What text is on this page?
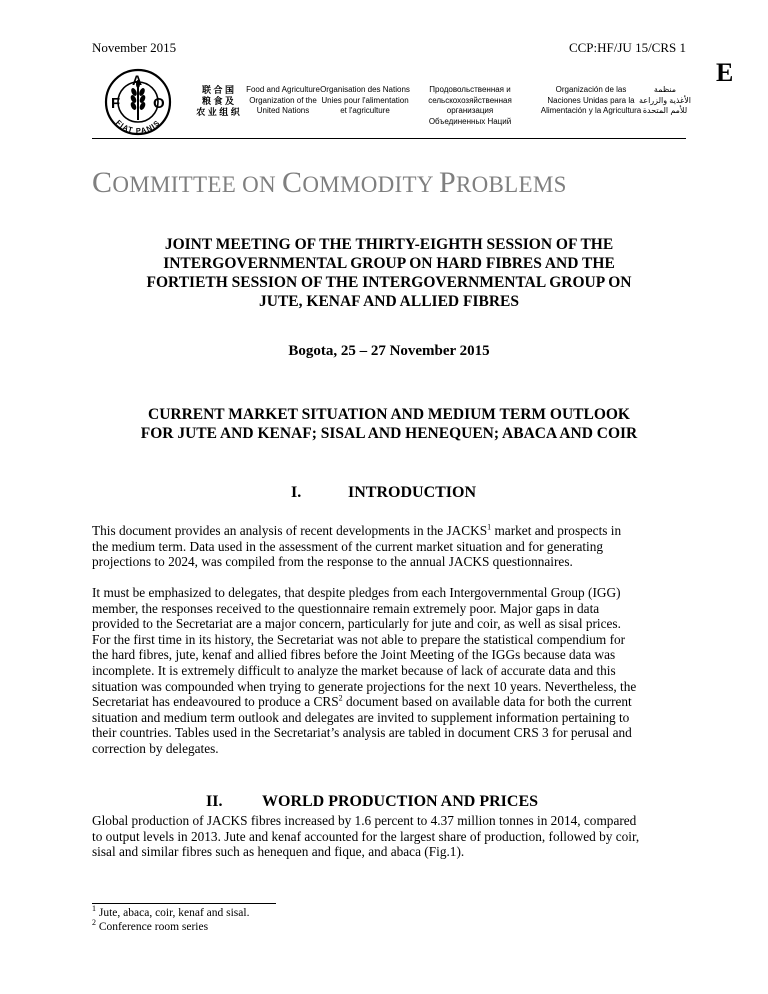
November 2015	CCP:HF/JU 15/CRS 1
E
F
A
O
FIAT PANIS
联 合 国
粮 食 及
农 业 组 织
Food and Agriculture
Organization of the
United Nations
Organisation des Nations
Unies pour l'alimentation
et l'agriculture
Продовольственная и
сельскохозяйственная организация
Объединенных Наций
Organización de las
Naciones Unidas para la
Alimentación y la Agricultura
منظمة
الأغذية والزراعة
للأمم المتحدة
COMMITTEE ON COMMODITY PROBLEMS
JOINT MEETING OF THE THIRTY-EIGHTH SESSION OF THE
INTERGOVERNMENTAL GROUP ON HARD FIBRES AND THE
FORTIETH SESSION OF THE INTERGOVERNMENTAL GROUP ON
JUTE, KENAF AND ALLIED FIBRES
Bogota, 25 – 27 November 2015
CURRENT MARKET SITUATION AND MEDIUM TERM OUTLOOK
FOR JUTE AND KENAF; SISAL AND HENEQUEN; ABACA AND COIR
I.	INTRODUCTION
This document provides an analysis of recent developments in the JACKS$^1$ market and prospects in
the medium term. Data used in the assessment of the current market situation and for generating
projections to 2024, was compiled from the response to the annual JACKS questionnaires.
It must be emphasized to delegates, that despite pledges from each Intergovernmental Group (IGG)
member, the responses received to the questionnaire remain extremely poor. Major gaps in data
provided to the Secretariat are a major concern, particularly for jute and coir, as well as sisal prices.
For the first time in its history, the Secretariat was not able to prepare the statistical compendium for
the hard fibres, jute, kenaf and allied fibres before the Joint Meeting of the IGGs because data was
incomplete. It is extremely difficult to analyze the market because of lack of accurate data and this
situation was compounded when trying to generate projections for the next 10 years. Nevertheless, the
Secretariat has endeavoured to produce a CRS$^2$ document based on available data for both the current
situation and medium term outlook and delegates are invited to supplement information pertaining to
their countries. Tables used in the Secretariat’s analysis are tabled in document CRS 3 for perusal and
correction by delegates.
II. WORLD PRODUCTION AND PRICES
Global production of JACKS fibres increased by 1.6 percent to 4.37 million tonnes in 2014, compared
to output levels in 2013. Jute and kenaf accounted for the largest share of production, followed by coir,
sisal and similar fibres such as henequen and fique, and abaca (Fig.1).
$^1$ Jute, abaca, coir, kenaf and sisal.
$^2$ Conference room series
